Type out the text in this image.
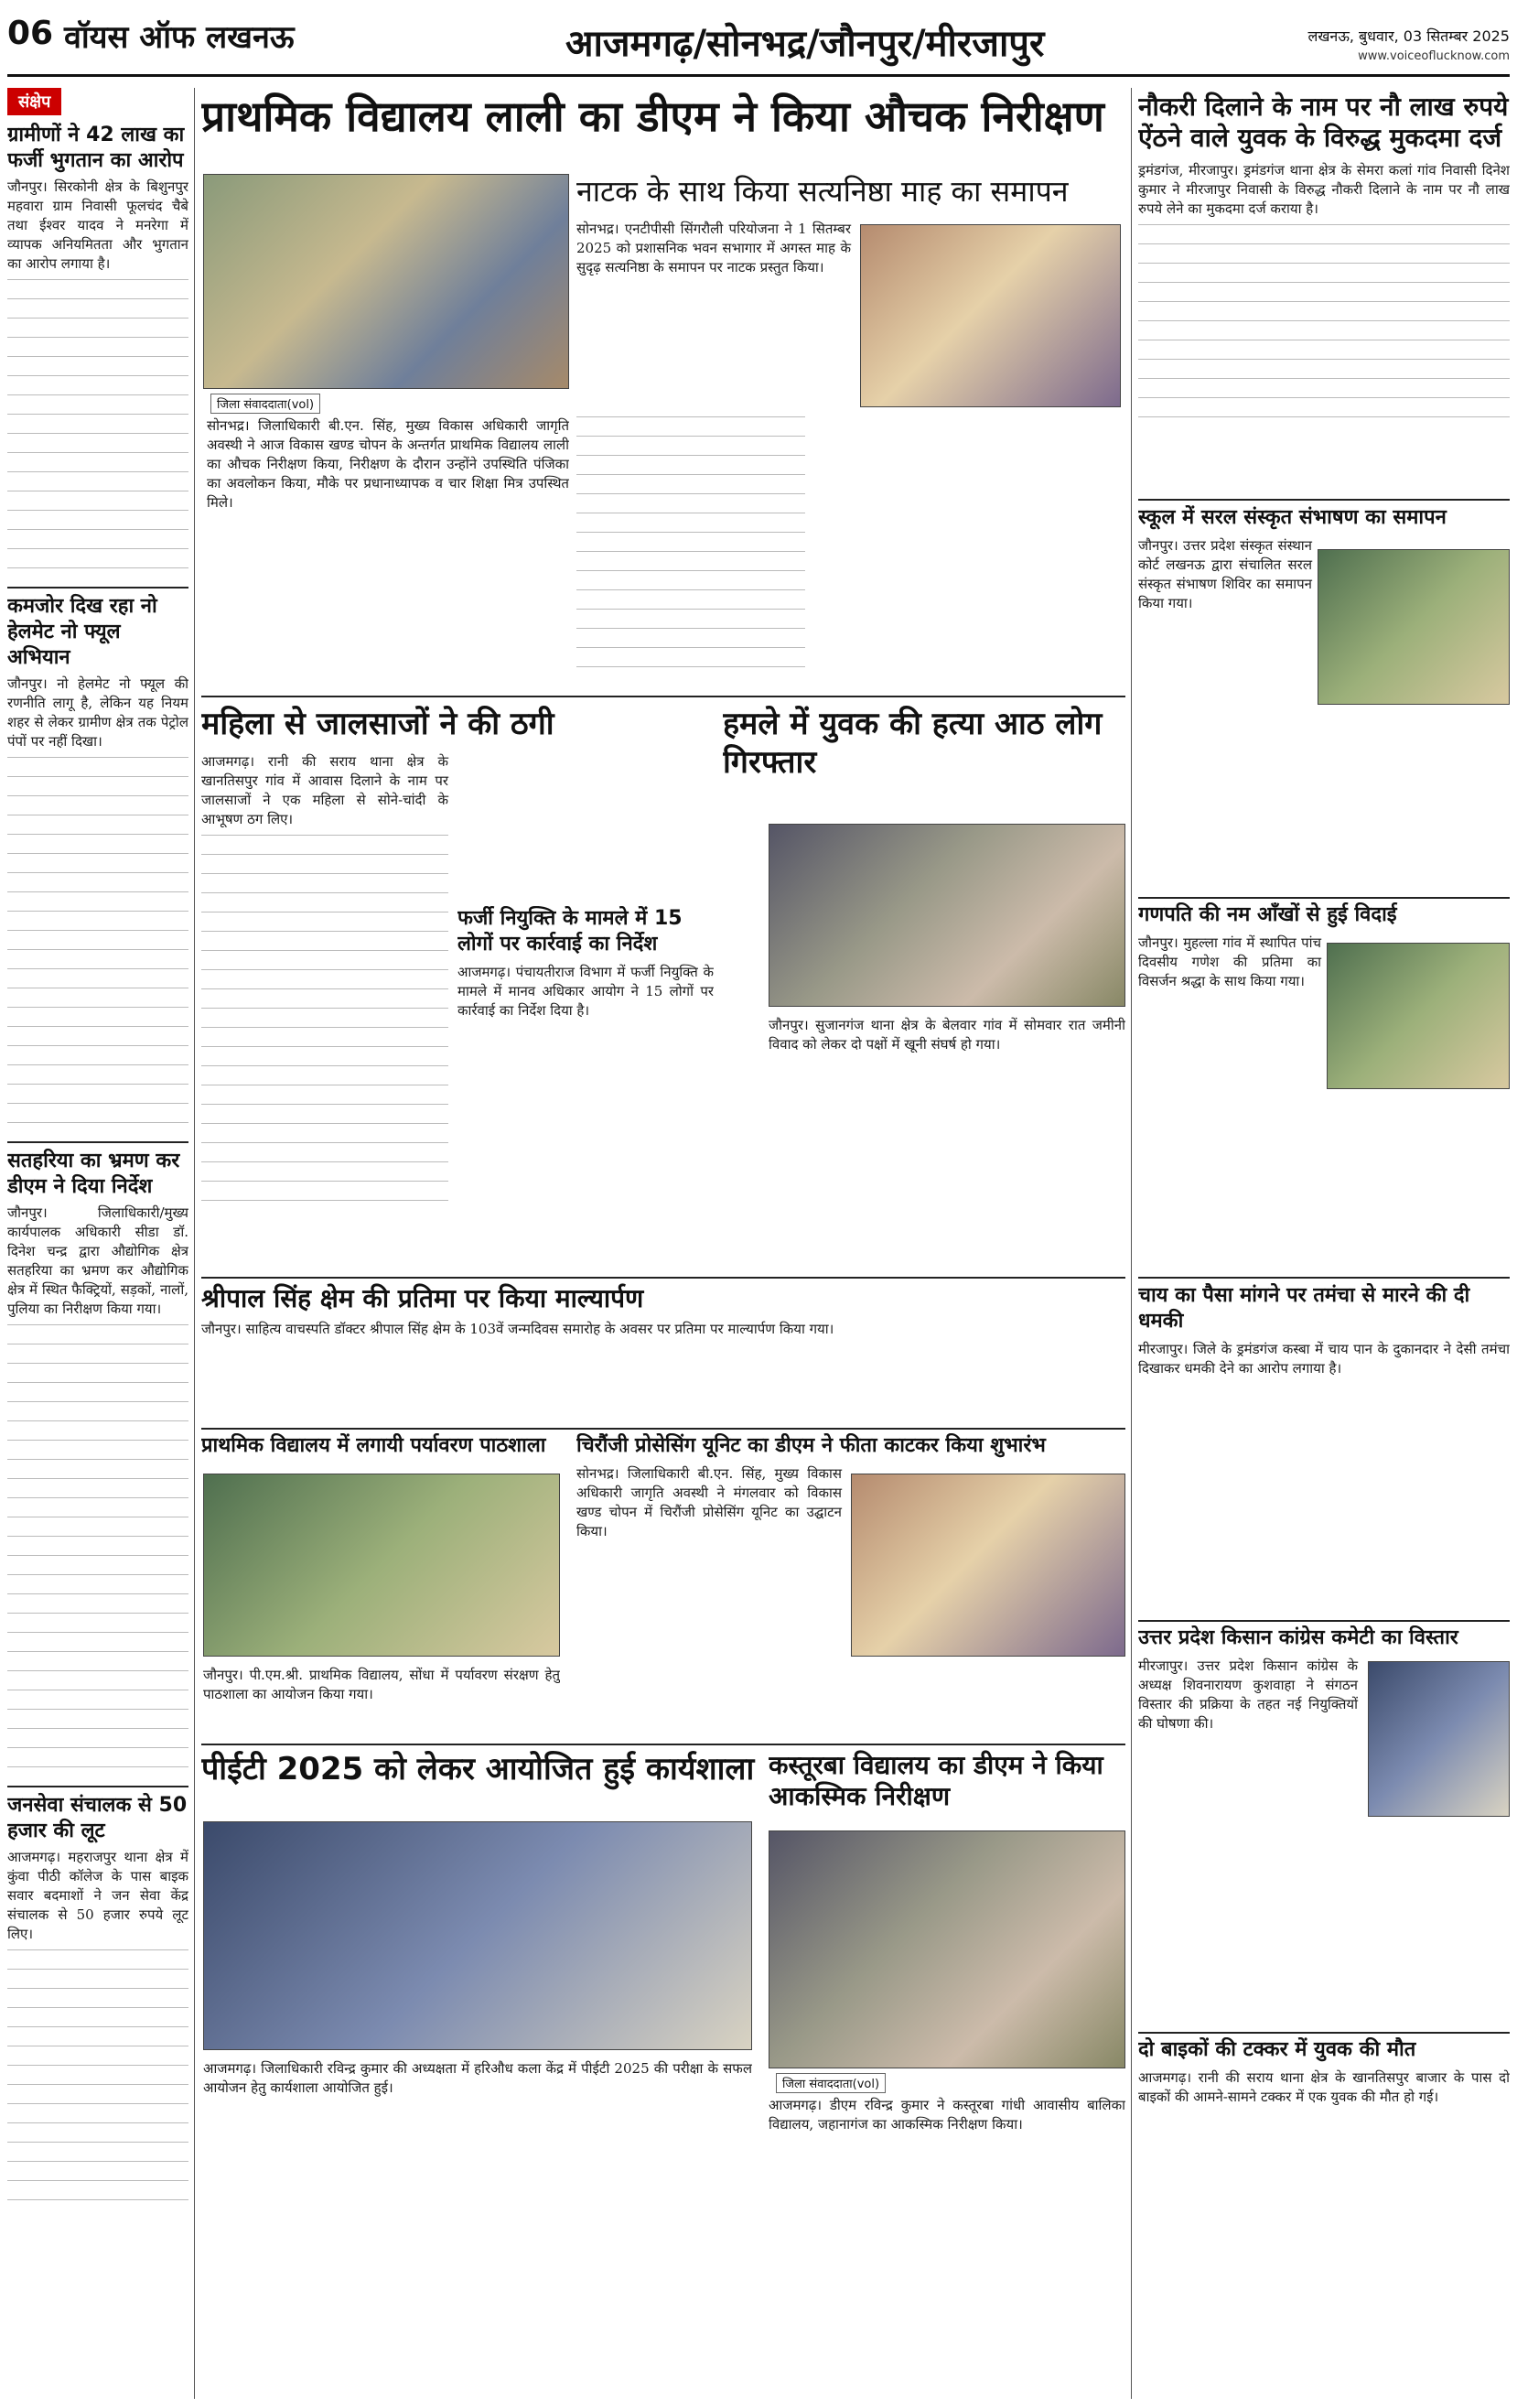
06 वॉयस ऑफ लखनऊ	आजमगढ़/सोनभद्र/जौनपुर/मीरजापुर	लखनऊ, बुधवार, 03 सितम्बर 2025
www.voiceoflucknow.com
संक्षेप
ग्रामीणों ने 42 लाख का फर्जी भुगतान का आरोप
जौनपुर। सिरकोनी क्षेत्र के बिशुनपुर महवारा ग्राम निवासी फूलचंद चैबे तथा ईश्वर यादव ने मनरेगा में व्यापक अनियमितता और भुगतान का आरोप लगाया है।
कमजोर दिख रहा नो हेलमेट नो फ्यूल अभियान
जौनपुर। नो हेलमेट नो फ्यूल की रणनीति लागू है, लेकिन यह नियम शहर से लेकर ग्रामीण क्षेत्र तक पेट्रोल पंपों पर नहीं दिखा।
सतहरिया का भ्रमण कर डीएम ने दिया निर्देश
जौनपुर। जिलाधिकारी/मुख्य कार्यपालक अधिकारी सीडा डॉ. दिनेश चन्द्र द्वारा औद्योगिक क्षेत्र सतहरिया का भ्रमण कर औद्योगिक क्षेत्र में स्थित फैक्ट्रियों, सड़कों, नालों, पुलिया का निरीक्षण किया गया।
जनसेवा संचालक से 50 हजार की लूट
आजमगढ़। महराजपुर थाना क्षेत्र में कुंवा पीठी कॉलेज के पास बाइक सवार बदमाशों ने जन सेवा केंद्र संचालक से 50 हजार रुपये लूट लिए।
प्राथमिक विद्यालय लाली का डीएम ने किया औचक निरीक्षण
जिला संवाददाता(vol)
सोनभद्र। जिलाधिकारी बी.एन. सिंह, मुख्य विकास अधिकारी जागृति अवस्थी ने आज विकास खण्ड चोपन के अन्तर्गत प्राथमिक विद्यालय लाली का औचक निरीक्षण किया, निरीक्षण के दौरान उन्होंने उपस्थिति पंजिका का अवलोकन किया, मौके पर प्रधानाध्यापक व चार शिक्षा मित्र उपस्थित मिले।
नाटक के साथ किया सत्यनिष्ठा माह का समापन
सोनभद्र। एनटीपीसी सिंगरौली परियोजना ने 1 सितम्बर 2025 को प्रशासनिक भवन सभागार में अगस्त माह के सुदृढ़ सत्यनिष्ठा के समापन पर नाटक प्रस्तुत किया।
नौकरी दिलाने के नाम पर नौ लाख रुपये ऐंठने वाले युवक के विरुद्ध मुकदमा दर्ज
ड्रमंडगंज, मीरजापुर। ड्रमंडगंज थाना क्षेत्र के सेमरा कलां गांव निवासी दिनेश कुमार ने मीरजापुर निवासी के विरुद्ध नौकरी दिलाने के नाम पर नौ लाख रुपये लेने का मुकदमा दर्ज कराया है।
स्कूल में सरल संस्कृत संभाषण का समापन
जौनपुर। उत्तर प्रदेश संस्कृत संस्थान कोर्ट लखनऊ द्वारा संचालित सरल संस्कृत संभाषण शिविर का समापन किया गया।
महिला से जालसाजों ने की ठगी
आजमगढ़। रानी की सराय थाना क्षेत्र के खानतिसपुर गांव में आवास दिलाने के नाम पर जालसाजों ने एक महिला से सोने-चांदी के आभूषण ठग लिए।
फर्जी नियुक्ति के मामले में 15 लोगों पर कार्रवाई का निर्देश
आजमगढ़। पंचायतीराज विभाग में फर्जी नियुक्ति के मामले में मानव अधिकार आयोग ने 15 लोगों पर कार्रवाई का निर्देश दिया है।
हमले में युवक की हत्या आठ लोग गिरफ्तार
जौनपुर। सुजानगंज थाना क्षेत्र के बेलवार गांव में सोमवार रात जमीनी विवाद को लेकर दो पक्षों में खूनी संघर्ष हो गया।
गणपति की नम आँखों से हुई विदाई
जौनपुर। मुहल्ला गांव में स्थापित पांच दिवसीय गणेश की प्रतिमा का विसर्जन श्रद्धा के साथ किया गया।
श्रीपाल सिंह क्षेम की प्रतिमा पर किया माल्यार्पण
जौनपुर। साहित्य वाचस्पति डॉक्टर श्रीपाल सिंह क्षेम के 103वें जन्मदिवस समारोह के अवसर पर प्रतिमा पर माल्यार्पण किया गया।
चाय का पैसा मांगने पर तमंचा से मारने की दी धमकी
मीरजापुर। जिले के ड्रमंडगंज कस्बा में चाय पान के दुकानदार ने देसी तमंचा दिखाकर धमकी देने का आरोप लगाया है।
प्राथमिक विद्यालय में लगायी पर्यावरण पाठशाला
जौनपुर। पी.एम.श्री. प्राथमिक विद्यालय, सोंधा में पर्यावरण संरक्षण हेतु पाठशाला का आयोजन किया गया।
चिरौंजी प्रोसेसिंग यूनिट का डीएम ने फीता काटकर किया शुभारंभ
सोनभद्र। जिलाधिकारी बी.एन. सिंह, मुख्य विकास अधिकारी जागृति अवस्थी ने मंगलवार को विकास खण्ड चोपन में चिरौंजी प्रोसेसिंग यूनिट का उद्घाटन किया।
उत्तर प्रदेश किसान कांग्रेस कमेटी का विस्तार
मीरजापुर। उत्तर प्रदेश किसान कांग्रेस के अध्यक्ष शिवनारायण कुशवाहा ने संगठन विस्तार की प्रक्रिया के तहत नई नियुक्तियों की घोषणा की।
पीईटी 2025 को लेकर आयोजित हुई कार्यशाला
आजमगढ़। जिलाधिकारी रविन्द्र कुमार की अध्यक्षता में हरिऔध कला केंद्र में पीईटी 2025 की परीक्षा के सफल आयोजन हेतु कार्यशाला आयोजित हुई।
कस्तूरबा विद्यालय का डीएम ने किया आकस्मिक निरीक्षण
जिला संवाददाता(vol)
आजमगढ़। डीएम रविन्द्र कुमार ने कस्तूरबा गांधी आवासीय बालिका विद्यालय, जहानागंज का आकस्मिक निरीक्षण किया।
दो बाइकों की टक्कर में युवक की मौत
आजमगढ़। रानी की सराय थाना क्षेत्र के खानतिसपुर बाजार के पास दो बाइकों की आमने-सामने टक्कर में एक युवक की मौत हो गई।
